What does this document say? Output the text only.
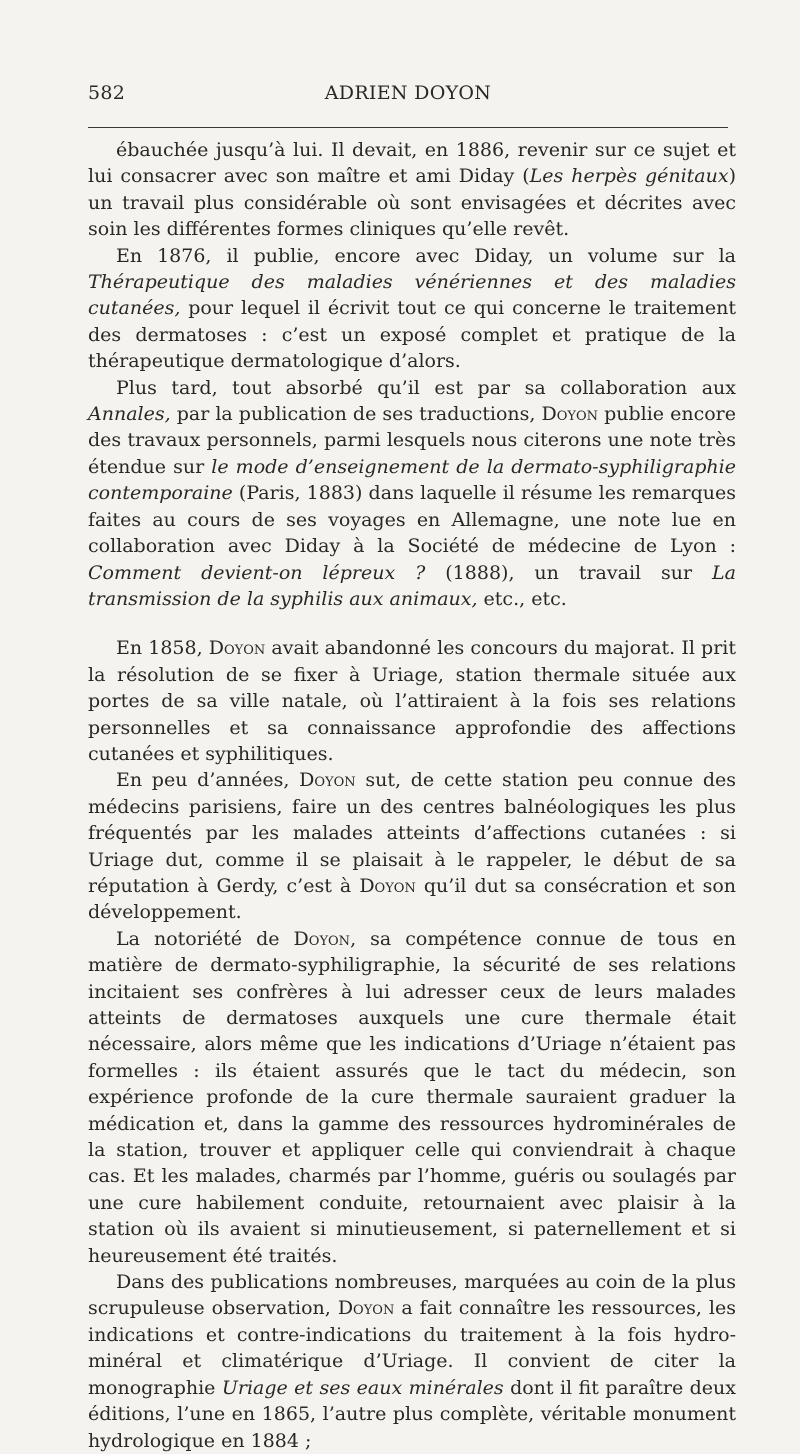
582	ADRIEN DOYON

ébauchée jusqu’à lui. Il devait, en 1886, revenir sur ce sujet et lui consacrer avec son maître et ami Diday (Les herpès génitaux) un travail plus considérable où sont envisagées et décrites avec soin les différentes formes cliniques qu’elle revêt.

En 1876, il publie, encore avec Diday, un volume sur la Thérapeutique des maladies vénériennes et des maladies cutanées, pour lequel il écrivit tout ce qui concerne le traitement des dermatoses : c’est un exposé complet et pratique de la thérapeutique dermatologique d’alors.

Plus tard, tout absorbé qu’il est par sa collaboration aux Annales, par la publication de ses traductions, Doyon publie encore des travaux personnels, parmi lesquels nous citerons une note très étendue sur le mode d’enseignement de la dermato-syphiligraphie contemporaine (Paris, 1883) dans laquelle il résume les remarques faites au cours de ses voyages en Allemagne, une note lue en collaboration avec Diday à la Société de médecine de Lyon : Comment devient-on lépreux ? (1888), un travail sur La transmission de la syphilis aux animaux, etc., etc.

En 1858, Doyon avait abandonné les concours du majorat. Il prit la résolution de se fixer à Uriage, station thermale située aux portes de sa ville natale, où l’attiraient à la fois ses relations personnelles et sa connaissance approfondie des affections cutanées et syphilitiques.

En peu d’années, Doyon sut, de cette station peu connue des médecins parisiens, faire un des centres balnéologiques les plus fréquentés par les malades atteints d’affections cutanées : si Uriage dut, comme il se plaisait à le rappeler, le début de sa réputation à Gerdy, c’est à Doyon qu’il dut sa consécration et son développement.

La notoriété de Doyon, sa compétence connue de tous en matière de dermato-syphiligraphie, la sécurité de ses relations incitaient ses confrères à lui adresser ceux de leurs malades atteints de dermatoses auxquels une cure thermale était nécessaire, alors même que les indications d’Uriage n’étaient pas formelles : ils étaient assurés que le tact du médecin, son expérience profonde de la cure thermale sauraient graduer la médication et, dans la gamme des ressources hydrominérales de la station, trouver et appliquer celle qui conviendrait à chaque cas. Et les malades, charmés par l’homme, guéris ou soulagés par une cure habilement conduite, retournaient avec plaisir à la station où ils avaient si minutieusement, si paternellement et si heureusement été traités.

Dans des publications nombreuses, marquées au coin de la plus scrupuleuse observation, Doyon a fait connaître les ressources, les indications et contre-indications du traitement à la fois hydro-minéral et climatérique d’Uriage. Il convient de citer la monographie Uriage et ses eaux minérales dont il fit paraître deux éditions, l’une en 1865, l’autre plus complète, véritable monument hydrologique en 1884 ;
